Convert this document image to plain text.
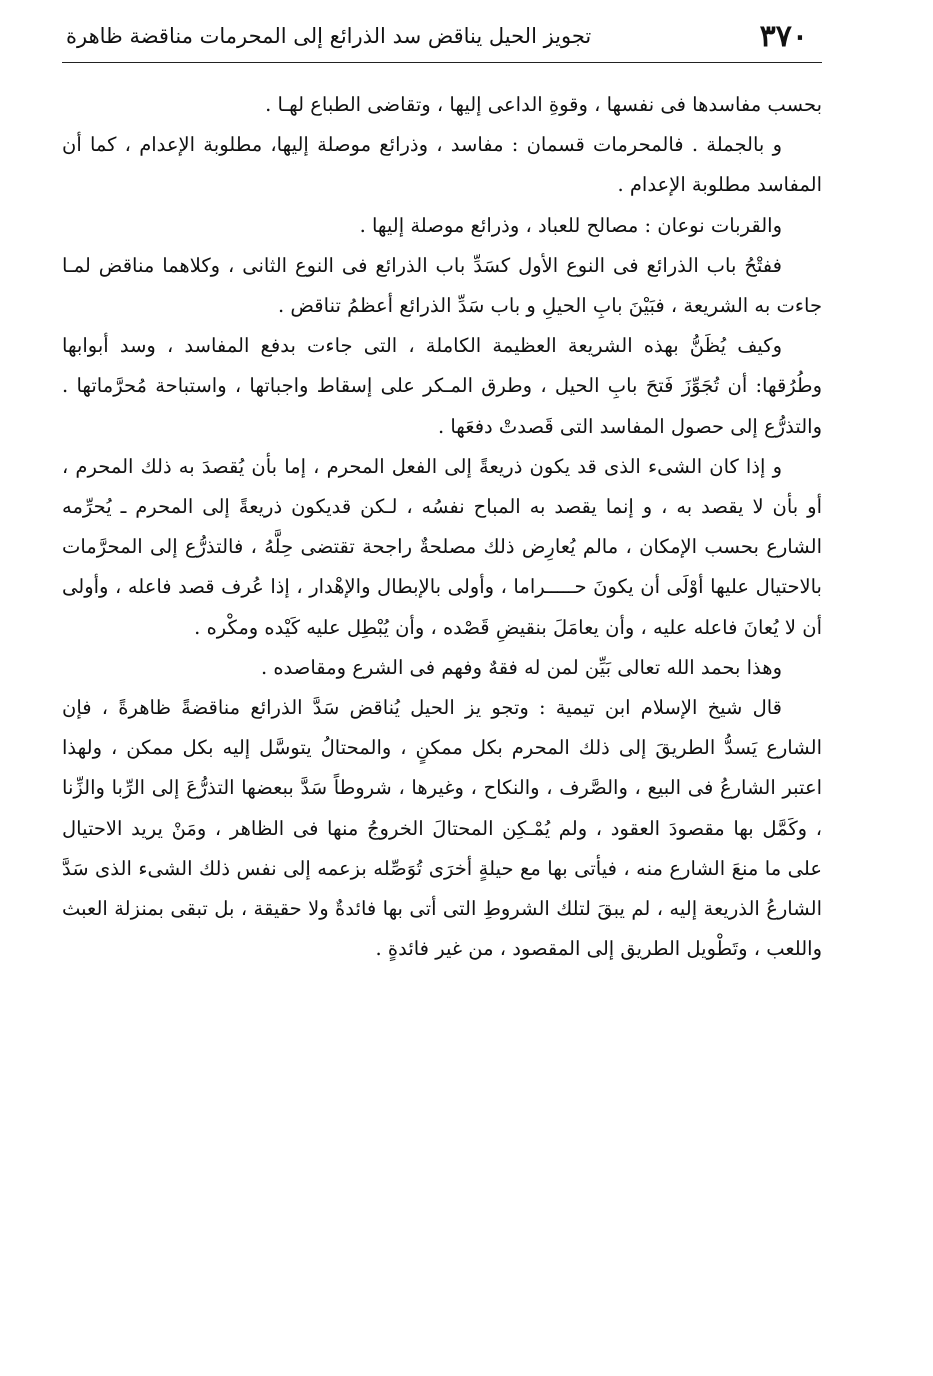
٣٧٠
تجويز الحيل يناقض سد الذرائع إلى المحرمات مناقضة ظاهرة

بحسب مفاسدها فى نفسها ، وقوةِ الداعى إليها ، وتقاضى الطباع لهـا .

و بالجملة . فالمحرمات قسمان : مفاسد ، وذرائع موصلة إليها، مطلوبة الإعدام ، كما أن المفاسد مطلوبة الإعدام .

والقربات نوعان : مصالح للعباد ، وذرائع موصلة إليها .

ففتْحُ باب الذرائع فى النوع الأول كسَدِّ باب الذرائع فى النوع الثانى ، وكلاهما مناقض لمـا جاءت به الشريعة ، فبَيْنَ بابِ الحيلِ و باب سَدِّ الذرائع أعظمُ تناقض .

وكيف يُظَنُّ بهذه الشريعة العظيمة الكاملة ، التى جاءت بدفع المفاسد ، وسد أبوابها وطُرُقها: أن تُجَوِّزَ فَتحَ بابِ الحيل ، وطرق المـكر على إسقاط واجباتها ، واستباحة مُحرَّماتها . والتذرُّع إلى حصول المفاسد التى قَصدتْ دفعَها .

و إذا كان الشىء الذى قد يكون ذريعةً إلى الفعل المحرم ، إما بأن يُقصدَ به ذلك المحرم ، أو بأن لا يقصد به ، و إنما يقصد به المباح نفسُه ، لـكن قديكون ذريعةً إلى المحرم ـ يُحرِّمه الشارع بحسب الإمكان ، مالم يُعارِض ذلك مصلحةٌ راجحة تقتضى حِلَّهُ ، فالتذرُّع إلى المحرَّمات بالاحتيال عليها أوْلَى أن يكونَ حـــــراما ، وأولى بالإبطال والإهْدار ، إذا عُرف قصد فاعله ، وأولى أن لا يُعانَ فاعله عليه ، وأن يعامَلَ بنقيضِ قَصْده ، وأن يُبْطِل عليه كَيْده ومكْره .

وهذا بحمد الله تعالى بَيِّن لمن له فقهٌ وفهم فى الشرع ومقاصده .

قال شيخ الإسلام ابن تيمية : وتجو يز الحيل يُناقض سَدَّ الذرائع مناقضةً ظاهرةً ، فإن الشارع يَسدُّ الطريقَ إلى ذلك المحرم بكل ممكنٍ ، والمحتالُ يتوسَّل إليه بكل ممكن ، ولهذا اعتبر الشارعُ فى البيع ، والصَّرف ، والنكاح ، وغيرها ، شروطاً سَدَّ ببعضها التذرُّعَ إلى الرِّبا والزِّنا ، وكَمَّل بها مقصودَ العقود ، ولم يُمْـكِن المحتالَ الخروجُ منها فى الظاهر ، ومَنْ يريد الاحتيال على ما منعَ الشارع منه ، فيأتى بها مع حيلةٍ أخرَى تُوَصِّله بزعمه إلى نفس ذلك الشىء الذى سَدَّ الشارعُ الذريعة إليه ، لم يبقَ لتلك الشروطِ التى أتى بها فائدةٌ ولا حقيقة ، بل تبقى بمنزلة العبث واللعب ، وتَطْويل الطريق إلى المقصود ، من غير فائدةٍ .
